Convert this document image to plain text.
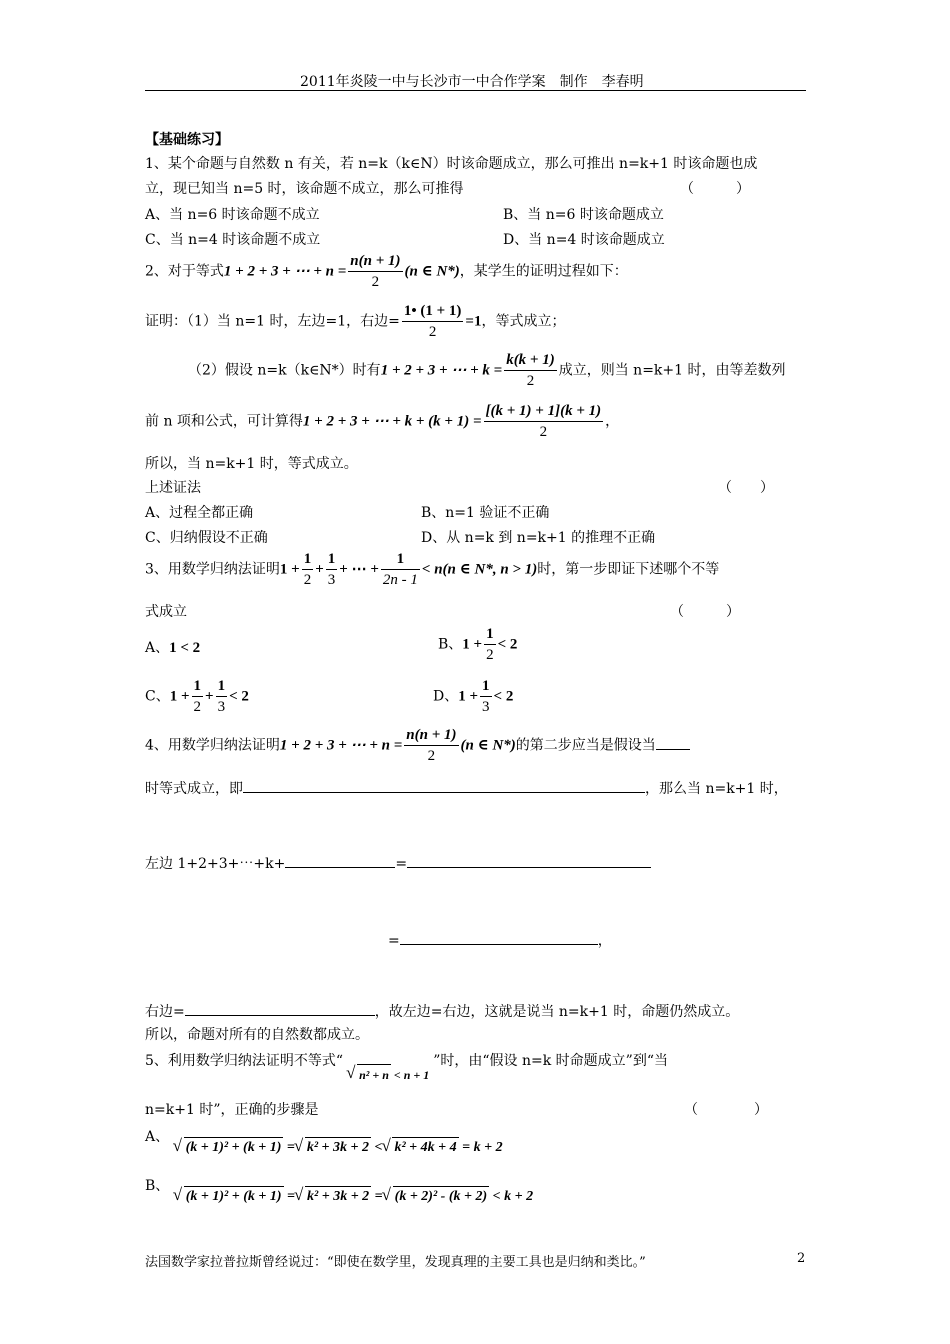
2011年炎陵一中与长沙市一中合作学案　制作　李春明
【基础练习】
1、某个命题与自然数 n 有关，若 n=k（k∈N）时该命题成立，那么可推出 n=k+1 时该命题也成
立，现已知当 n=5 时，该命题不成立，那么可推得	（　　　）
A、当 n=6 时该命题不成立	B、当 n=6 时该命题成立
C、当 n=4 时该命题不成立	D、当 n=4 时该命题成立
2、对于等式1 + 2 + 3 + ⋯ + $n = \frac{n(n + 1)}{2} (n$ ∈ N*)，某学生的证明过程如下：
证明：（1）当 n=1 时，左边=1，右边= $\frac{1• (1 + 1)}{2} =1$，等式成立；
（2）假设 n=k（k∈N*）时有1 + 2 + 3 + ⋯ + $k = \frac{k(k + 1)}{2}$ 成立，则当 n=k+1 时，由等差数列
前 n 项和公式，可计算得1 + 2 + 3 + ⋯ + $k + (k + 1) = \frac{[(k + 1) + 1](k + 1)}{2}$ ，
所以，当 n=k+1 时，等式成立。
上述证法	（　　）
A、过程全都正确	B、n=1 验证不正确
C、归纳假设不正确	D、从 n=k 到 n=k+1 的推理不正确
3、用数学归纳法证明$1 + \frac{1}{2} + \frac{1}{3}$ + ⋯ + $\frac{1}{2n - 1} < n(n$ ∈ N*, n > 1)时，第一步即证下述哪个不等
式成立	（　　　）
A、1 < 2	B、$1 + \frac{1}{2} < 2$
C、$1 + \frac{1}{2} + \frac{1}{3} < 2$	D、$1 + \frac{1}{3} < 2$
4、用数学归纳法证明1 + 2 + 3 + ⋯ + $n = \frac{n(n + 1)}{2} (n$ ∈ N*)的第二步应当是假设当
时等式成立，即	，那么当 n=k+1 时，
左边 1+2+3+⋯+k+	=
=	，
右边=	，故左边=右边，这就是说当 n=k+1 时，命题仍然成立。
所以，命题对所有的自然数都成立。
5、利用数学归纳法证明不等式“√ n² + n < n + 1”时，由“假设 n=k 时命题成立”到“当
n=k+1 时”，正确的步骤是	（　　　　）
A、 √ (k + 1)² + (k + 1) = √ k² + 3k + 2 < √ k² + 4k + 4 = k + 2
B、 √ (k + 1)² + (k + 1) = √ k² + 3k + 2 = √ (k + 2)² - (k + 2) < k + 2
法国数学家拉普拉斯曾经说过：“即使在数学里，发现真理的主要工具也是归纳和类比。”	2
